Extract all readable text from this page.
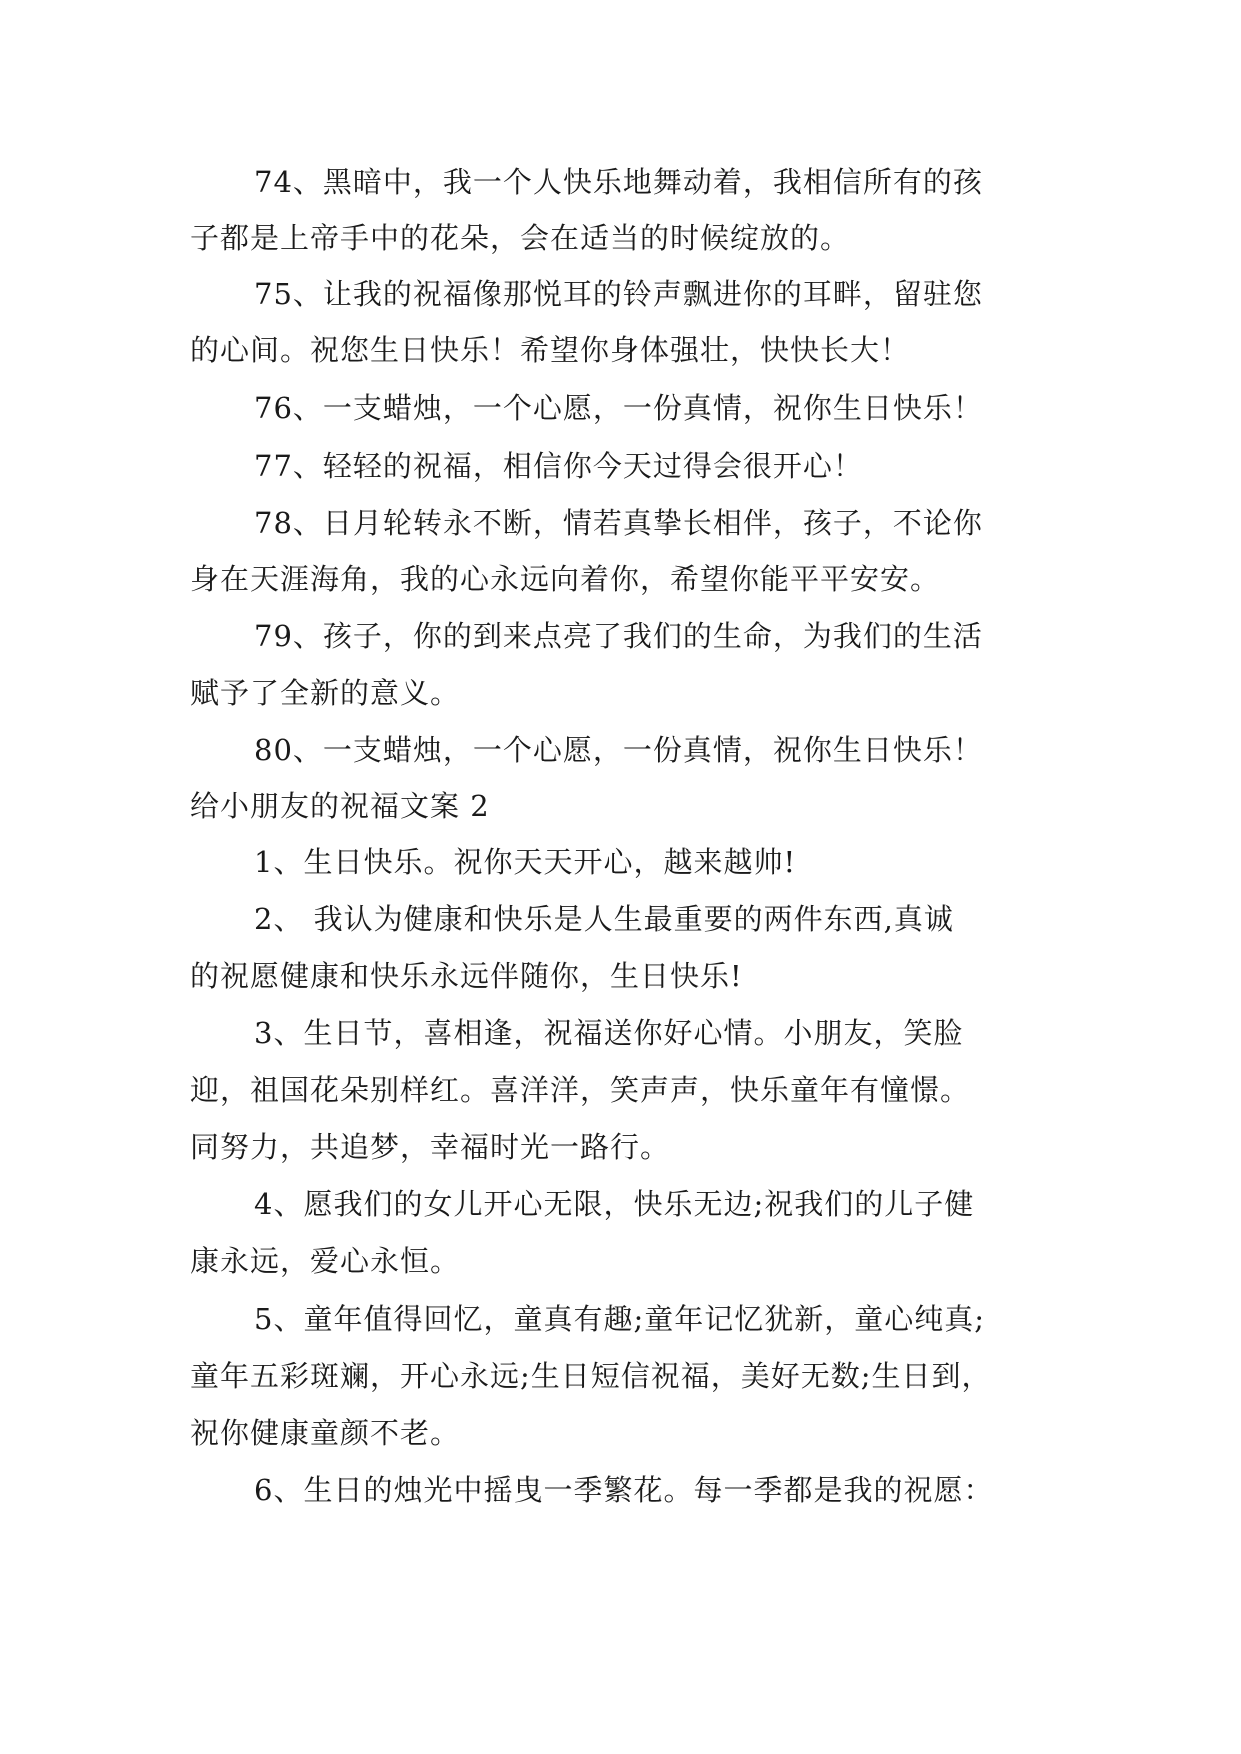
74、黑暗中，我一个人快乐地舞动着，我相信所有的孩
子都是上帝手中的花朵，会在适当的时候绽放的。
75、让我的祝福像那悦耳的铃声飘进你的耳畔，留驻您
的心间。祝您生日快乐！希望你身体强壮，快快长大！
76、一支蜡烛，一个心愿，一份真情，祝你生日快乐！
77、轻轻的祝福，相信你今天过得会很开心！
78、日月轮转永不断，情若真挚长相伴，孩子，不论你
身在天涯海角，我的心永远向着你，希望你能平平安安。
79、孩子，你的到来点亮了我们的生命，为我们的生活
赋予了全新的意义。
80、一支蜡烛，一个心愿，一份真情，祝你生日快乐！
给小朋友的祝福文案 2
1、生日快乐。祝你天天开心，越来越帅!
2、 我认为健康和快乐是人生最重要的两件东西,真诚
的祝愿健康和快乐永远伴随你，生日快乐!
3、生日节，喜相逢，祝福送你好心情。小朋友，笑脸
迎，祖国花朵别样红。喜洋洋，笑声声，快乐童年有憧憬。
同努力，共追梦，幸福时光一路行。
4、愿我们的女儿开心无限，快乐无边;祝我们的儿子健
康永远，爱心永恒。
5、童年值得回忆，童真有趣;童年记忆犹新，童心纯真;
童年五彩斑斓，开心永远;生日短信祝福，美好无数;生日到，
祝你健康童颜不老。
6、生日的烛光中摇曳一季繁花。每一季都是我的祝愿：
